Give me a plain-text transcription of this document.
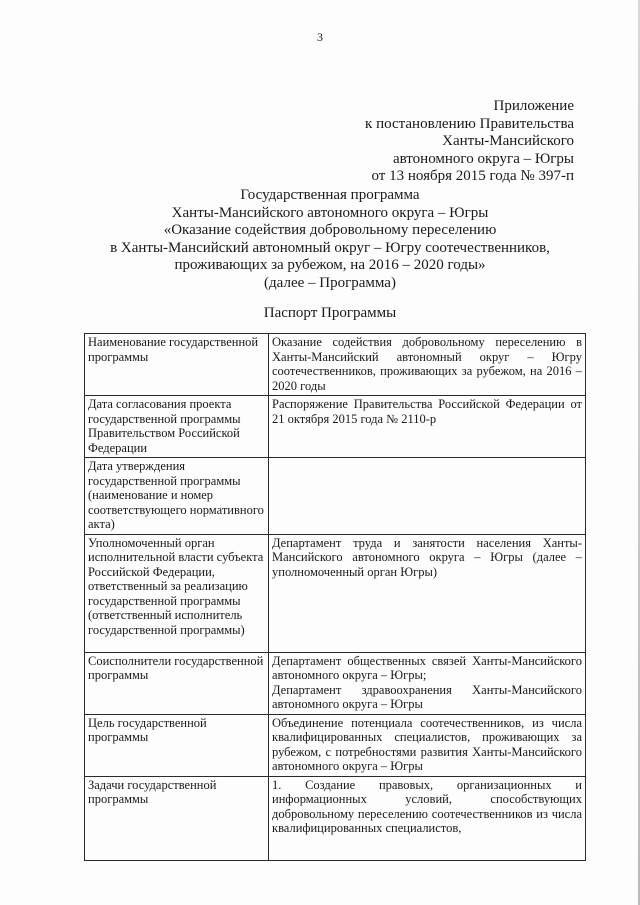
3
Приложение
к постановлению Правительства
Ханты-Мансийского
автономного округа – Югры
от 13 ноября 2015 года № 397-п
Государственная программа
Ханты-Мансийского автономного округа – Югры
«Оказание содействия добровольному переселению
в Ханты-Мансийский автономный округ – Югру соотечественников,
проживающих за рубежом, на 2016 – 2020 годы»
(далее – Программа)
Паспорт Программы
Наименование государственной программы	Оказание содействия добровольному переселению в Ханты-Мансийский автономный округ – Югру соотечественников, проживающих за рубежом, на 2016 – 2020 годы

Дата согласования проекта государственной программы Правительством Российской Федерации	Распоряжение Правительства Российской Федерации от 21 октября 2015 года № 2110-р

Дата утверждения государственной программы (наименование и номер соответствующего нормативного акта)	

Уполномоченный орган исполнительной власти субъекта Российской Федерации, ответственный за реализацию государственной программы (ответственный исполнитель государственной программы)	Департамент труда и занятости населения Ханты-Мансийского автономного округа – Югры (далее – уполномоченный орган Югры)

Соисполнители государственной программы	Департамент общественных связей Ханты-Мансийского автономного округа – Югры;
Департамент здравоохранения Ханты-Мансийского автономного округа – Югры

Цель государственной программы	Объединение потенциала соотечественников, из числа квалифицированных специалистов, проживающих за рубежом, с потребностями развития Ханты-Мансийского автономного округа – Югры

Задачи государственной программы	1. Создание правовых, организационных и информационных условий, способствующих добровольному переселению соотечественников из числа квалифицированных специалистов,
